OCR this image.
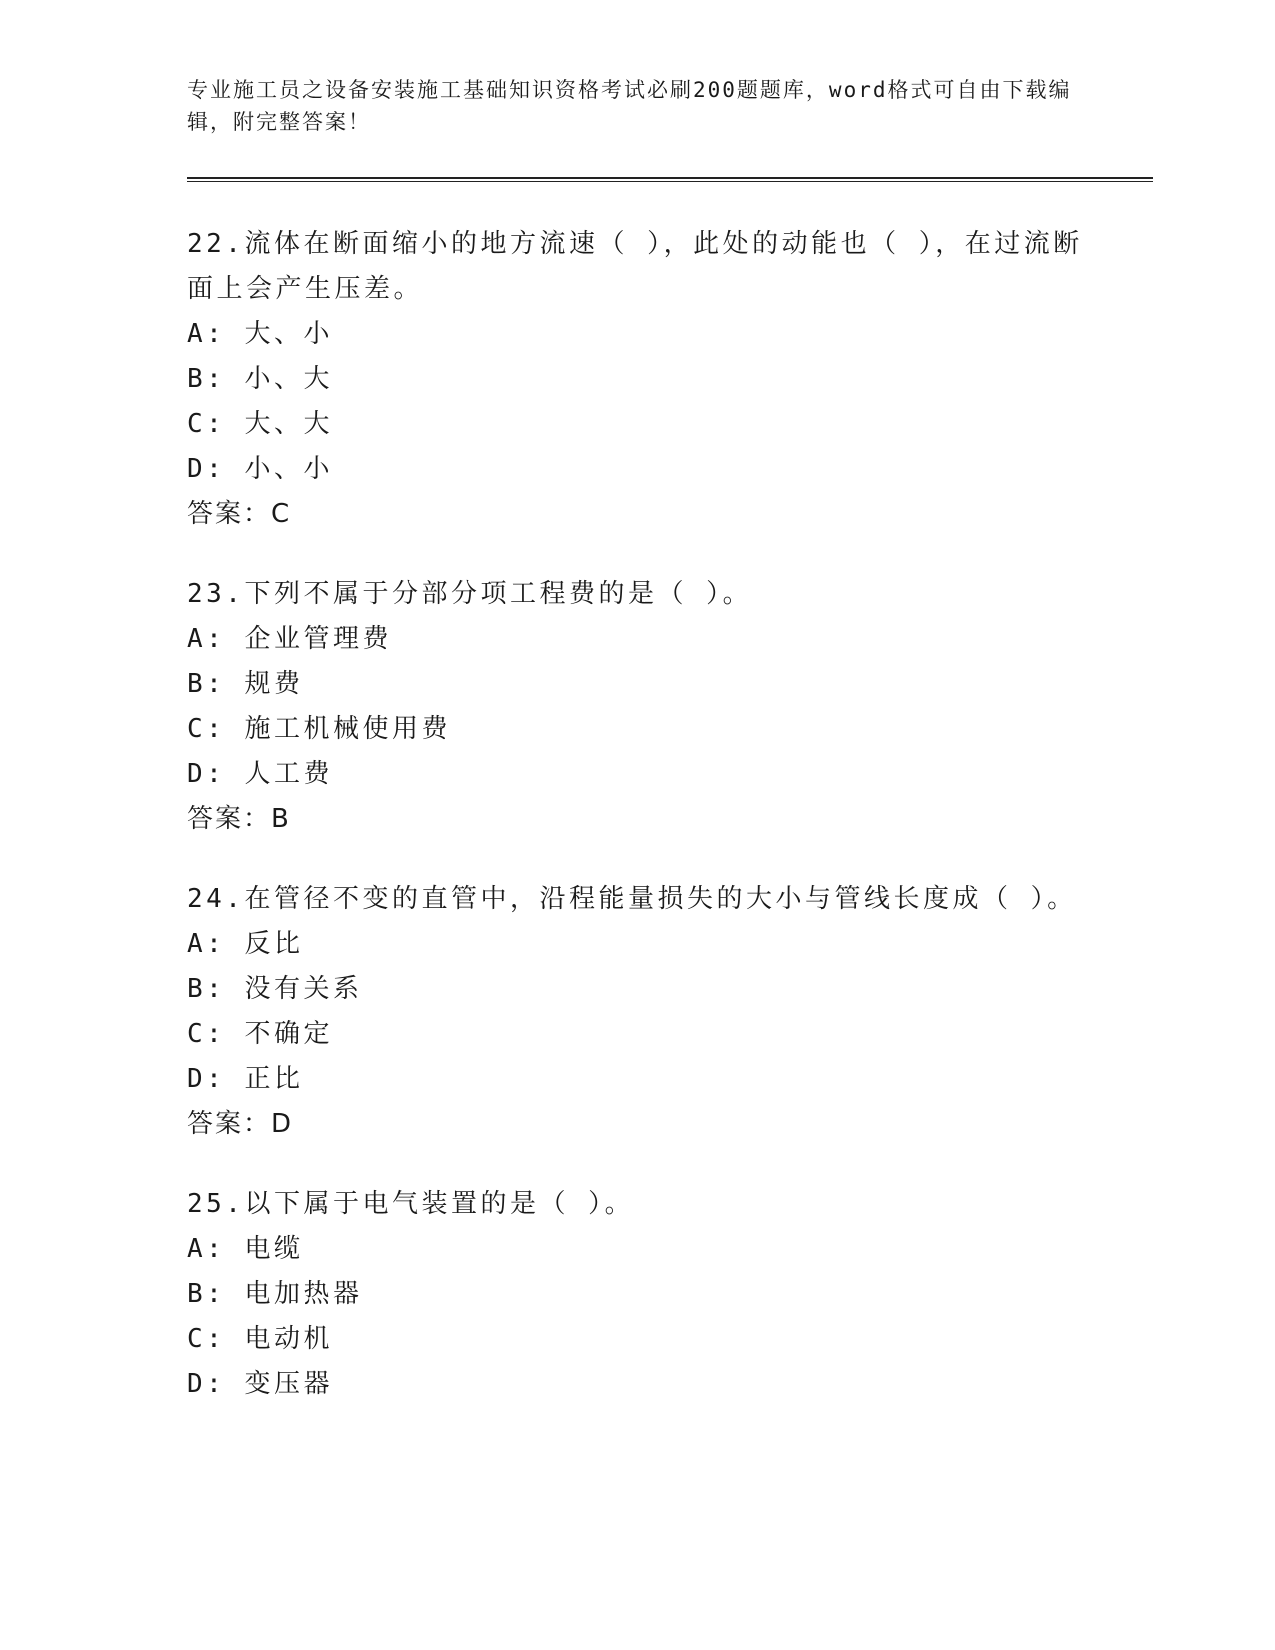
专业施工员之设备安装施工基础知识资格考试必刷200题题库，word格式可自由下载编辑，附完整答案！

22.流体在断面缩小的地方流速（ ），此处的动能也（ ），在过流断面上会产生压差。

A: 大、小

B: 小、大

C: 大、大

D: 小、小

答案：C

23.下列不属于分部分项工程费的是（ ）。

A: 企业管理费

B: 规费

C: 施工机械使用费

D: 人工费

答案：B

24.在管径不变的直管中，沿程能量损失的大小与管线长度成（ ）。

A: 反比

B: 没有关系

C: 不确定

D: 正比

答案：D

25.以下属于电气装置的是（ ）。

A: 电缆

B: 电加热器

C: 电动机

D: 变压器
